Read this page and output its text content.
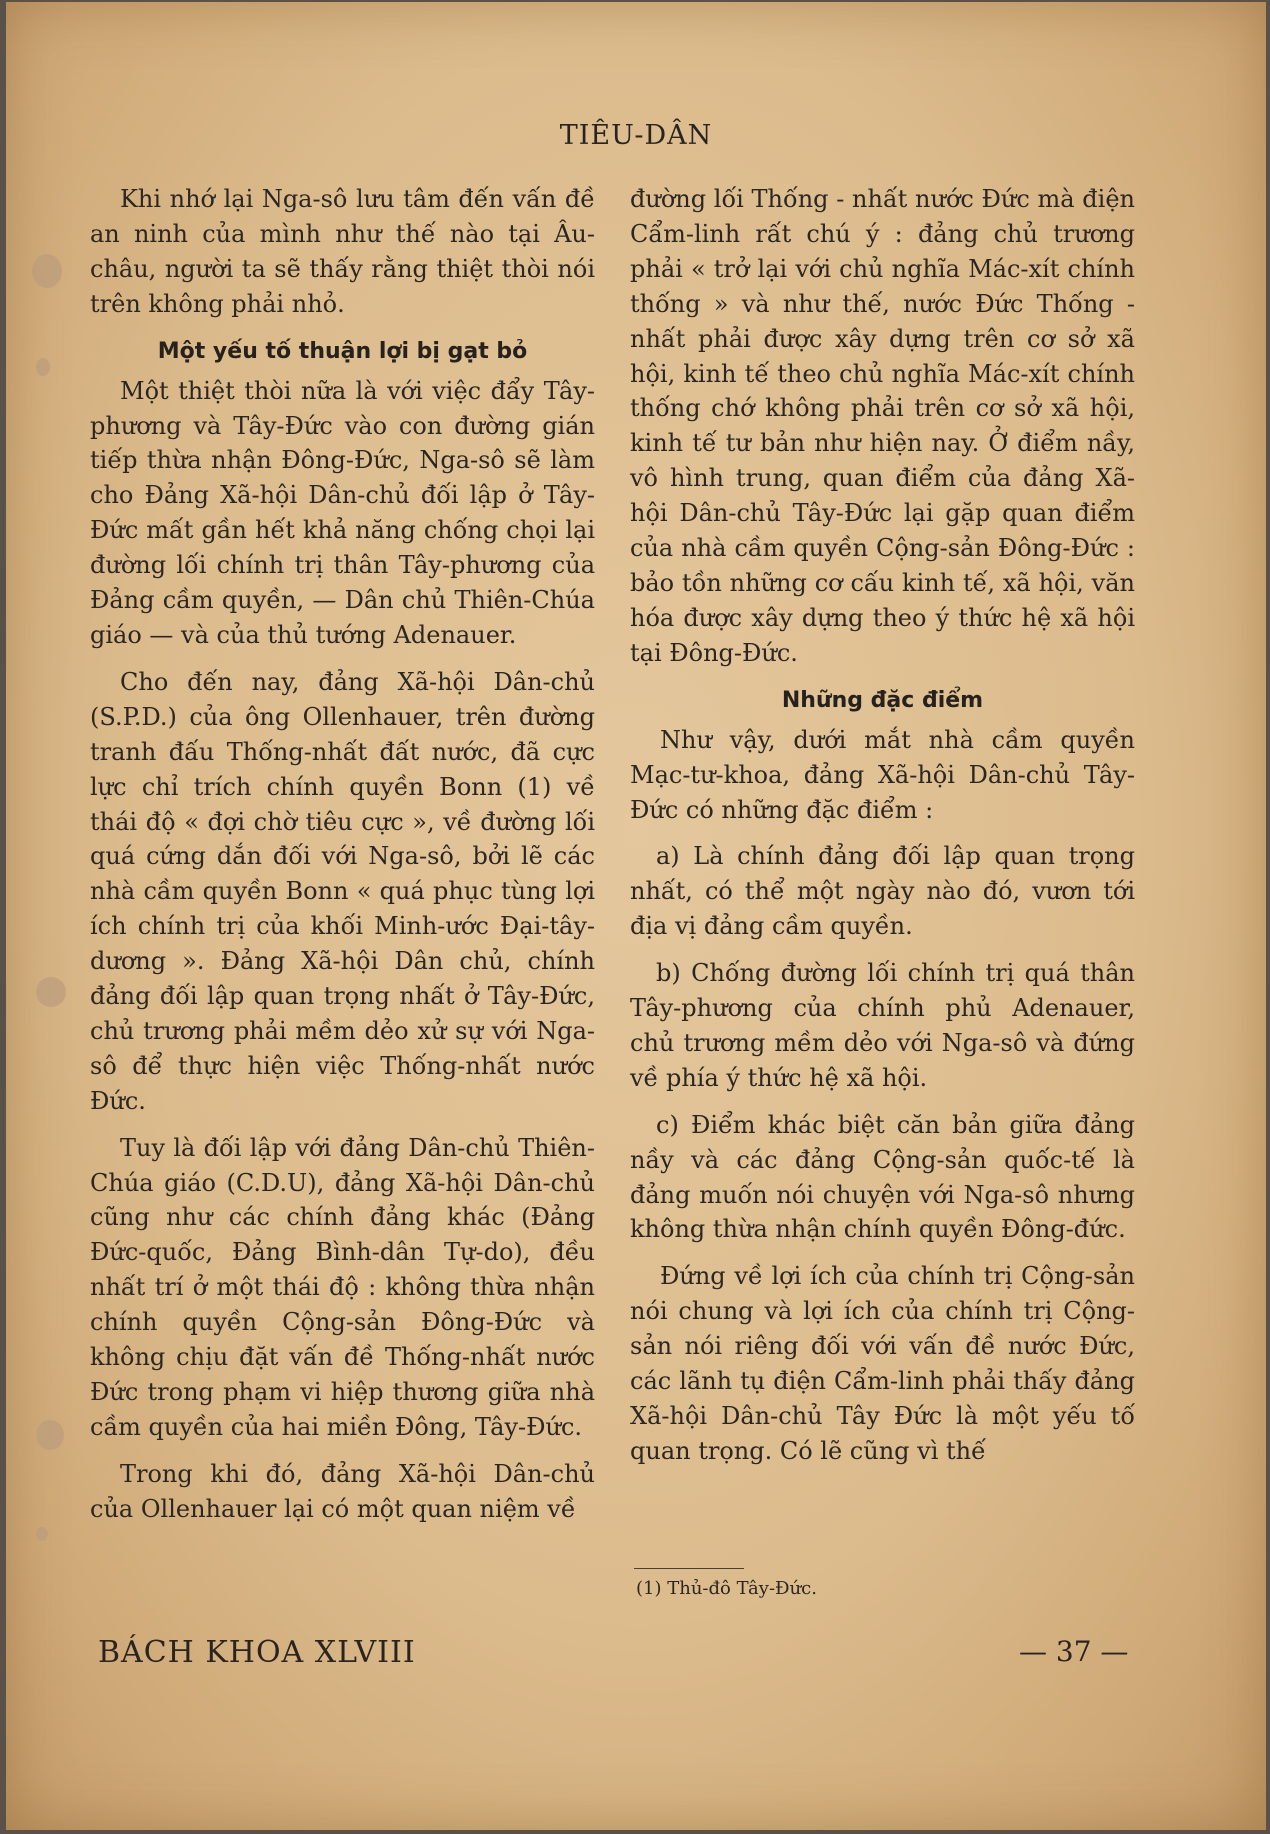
TIÊU-DÂN

Khi nhớ lại Nga-sô lưu tâm đến vấn đề an ninh của mình như thế nào tại Âu-châu, người ta sẽ thấy rằng thiệt thòi nói trên không phải nhỏ.

Một yếu tố thuận lợi bị gạt bỏ

Một thiệt thòi nữa là với việc đẩy Tây-phương và Tây-Đức vào con đường gián tiếp thừa nhận Đông-Đức, Nga-sô sẽ làm cho Đảng Xã-hội Dân-chủ đối lập ở Tây-Đức mất gần hết khả năng chống chọi lại đường lối chính trị thân Tây-phương của Đảng cầm quyền, — Dân chủ Thiên-Chúa giáo — và của thủ tướng Adenauer.

Cho đến nay, đảng Xã-hội Dân-chủ (S.P.D.) của ông Ollenhauer, trên đường tranh đấu Thống-nhất đất nước, đã cực lực chỉ trích chính quyền Bonn (1) về thái độ « đợi chờ tiêu cực », về đường lối quá cứng dắn đối với Nga-sô, bởi lẽ các nhà cầm quyền Bonn « quá phục tùng lợi ích chính trị của khối Minh-ước Đại-tây-dương ». Đảng Xã-hội Dân chủ, chính đảng đối lập quan trọng nhất ở Tây-Đức, chủ trương phải mềm dẻo xử sự với Nga-sô để thực hiện việc Thống-nhất nước Đức.

Tuy là đối lập với đảng Dân-chủ Thiên-Chúa giáo (C.D.U), đảng Xã-hội Dân-chủ cũng như các chính đảng khác (Đảng Đức-quốc, Đảng Bình-dân Tự-do), đều nhất trí ở một thái độ : không thừa nhận chính quyền Cộng-sản Đông-Đức và không chịu đặt vấn đề Thống-nhất nước Đức trong phạm vi hiệp thương giữa nhà cầm quyền của hai miền Đông, Tây-Đức.

Trong khi đó, đảng Xã-hội Dân-chủ của Ollenhauer lại có một quan niệm về

đường lối Thống - nhất nước Đức mà điện Cẩm-linh rất chú ý : đảng chủ trương phải « trở lại với chủ nghĩa Mác-xít chính thống » và như thế, nước Đức Thống - nhất phải được xây dựng trên cơ sở xã hội, kinh tế theo chủ nghĩa Mác-xít chính thống chớ không phải trên cơ sở xã hội, kinh tế tư bản như hiện nay. Ở điểm nầy, vô hình trung, quan điểm của đảng Xã-hội Dân-chủ Tây-Đức lại gặp quan điểm của nhà cầm quyền Cộng-sản Đông-Đức : bảo tồn những cơ cấu kinh tế, xã hội, văn hóa được xây dựng theo ý thức hệ xã hội tại Đông-Đức.

Những đặc điểm

Như vậy, dưới mắt nhà cầm quyền Mạc-tư-khoa, đảng Xã-hội Dân-chủ Tây-Đức có những đặc điểm :

a) Là chính đảng đối lập quan trọng nhất, có thể một ngày nào đó, vươn tới địa vị đảng cầm quyền.

b) Chống đường lối chính trị quá thân Tây-phương của chính phủ Adenauer, chủ trương mềm dẻo với Nga-sô và đứng về phía ý thức hệ xã hội.

c) Điểm khác biệt căn bản giữa đảng nầy và các đảng Cộng-sản quốc-tế là đảng muốn nói chuyện với Nga-sô nhưng không thừa nhận chính quyền Đông-đức.

Đứng về lợi ích của chính trị Cộng-sản nói chung và lợi ích của chính trị Cộng-sản nói riêng đối với vấn đề nước Đức, các lãnh tụ điện Cẩm-linh phải thấy đảng Xã-hội Dân-chủ Tây Đức là một yếu tố quan trọng. Có lẽ cũng vì thế

(1) Thủ-đô Tây-Đức.
BÁCH KHOA XLVIII	— 37 —
